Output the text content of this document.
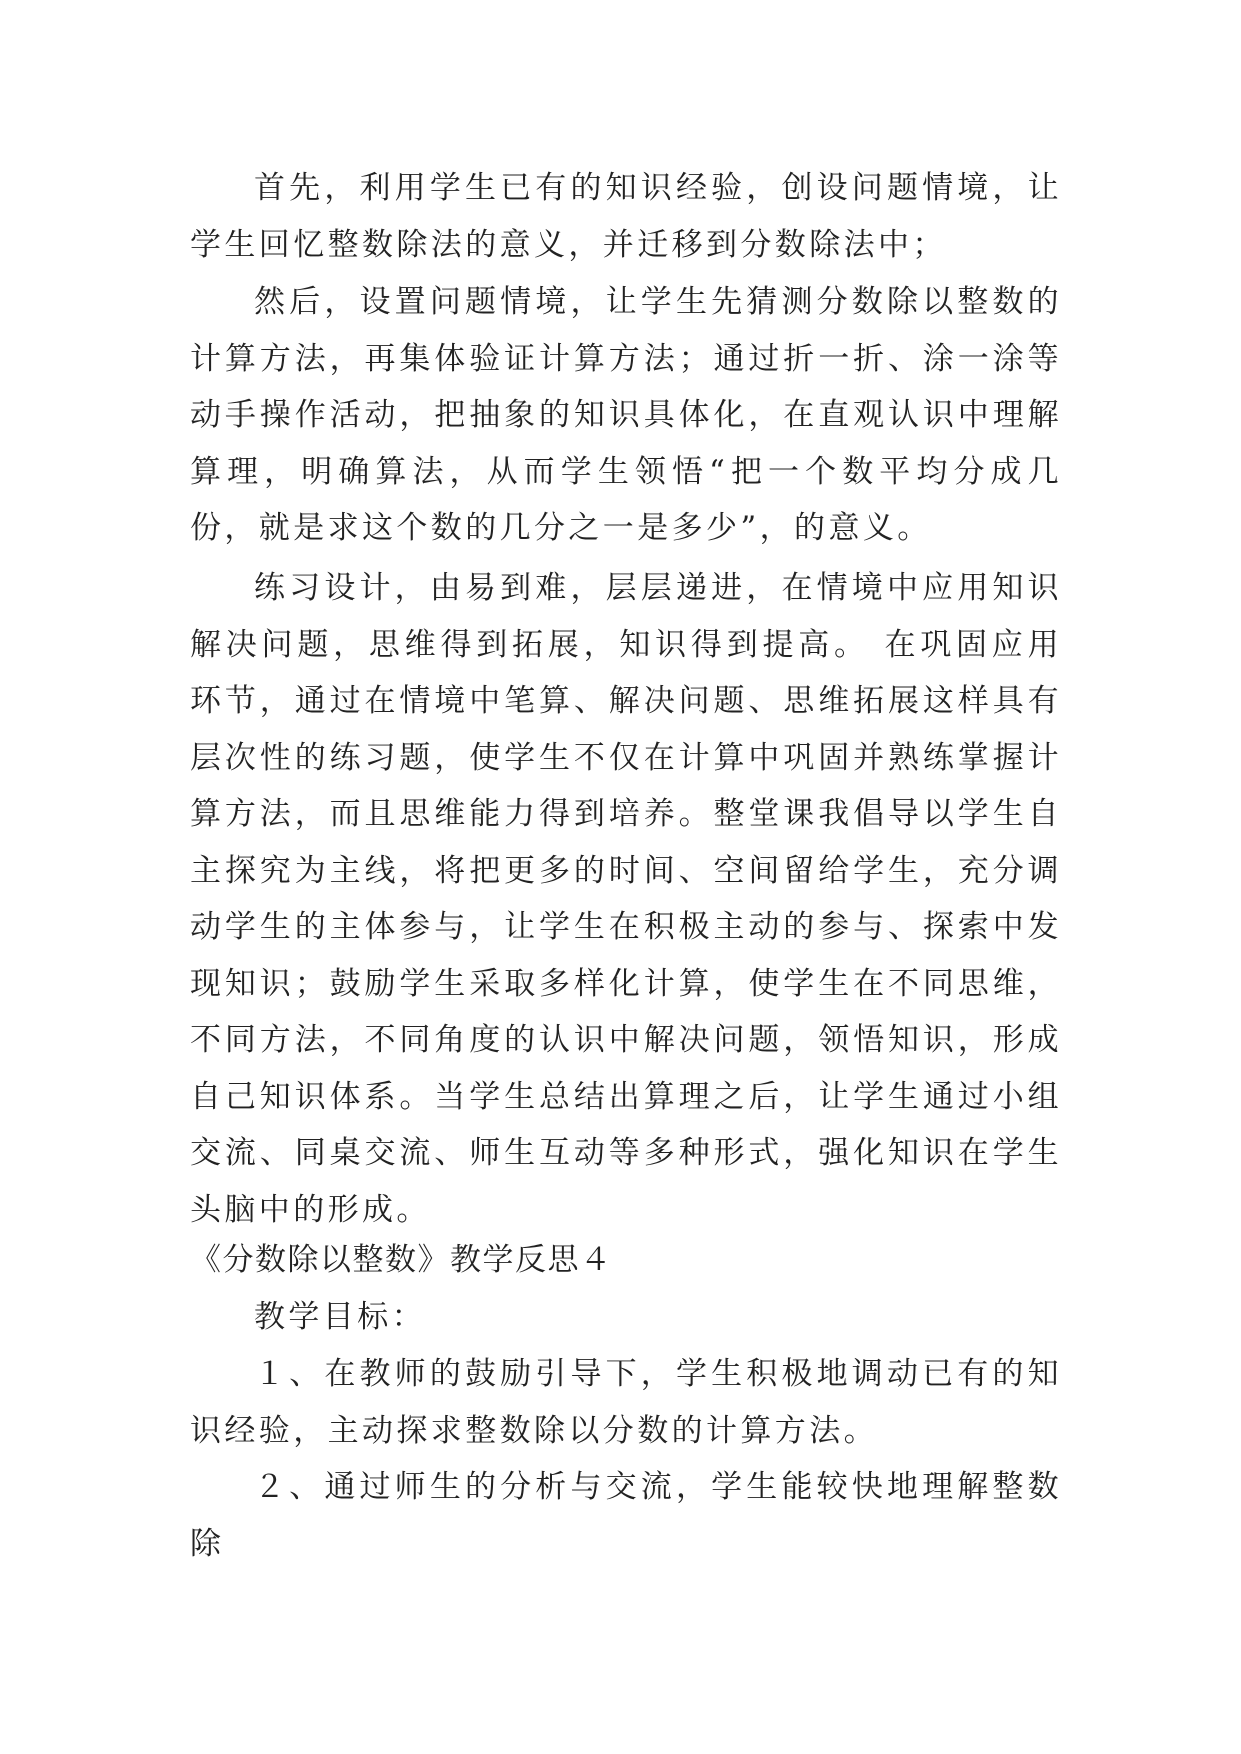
首先，利用学生已有的知识经验，创设问题情境，让学生回忆整数除法的意义，并迁移到分数除法中；

然后，设置问题情境，让学生先猜测分数除以整数的计算方法，再集体验证计算方法；通过折一折、涂一涂等动手操作活动，把抽象的知识具体化，在直观认识中理解算理，明确算法，从而学生领悟“把一个数平均分成几份，就是求这个数的几分之一是多少”，的意义。

练习设计，由易到难，层层递进，在情境中应用知识解决问题，思维得到拓展，知识得到提高。 在巩固应用环节，通过在情境中笔算、解决问题、思维拓展这样具有层次性的练习题，使学生不仅在计算中巩固并熟练掌握计算方法，而且思维能力得到培养。整堂课我倡导以学生自主探究为主线，将把更多的时间、空间留给学生，充分调动学生的主体参与，让学生在积极主动的参与、探索中发现知识；鼓励学生采取多样化计算，使学生在不同思维，不同方法，不同角度的认识中解决问题，领悟知识，形成自己知识体系。当学生总结出算理之后，让学生通过小组交流、同桌交流、师生互动等多种形式，强化知识在学生头脑中的形成。

《分数除以整数》教学反思４

教学目标：

１、在教师的鼓励引导下，学生积极地调动已有的知识经验，主动探求整数除以分数的计算方法。

２、通过师生的分析与交流，学生能较快地理解整数除
